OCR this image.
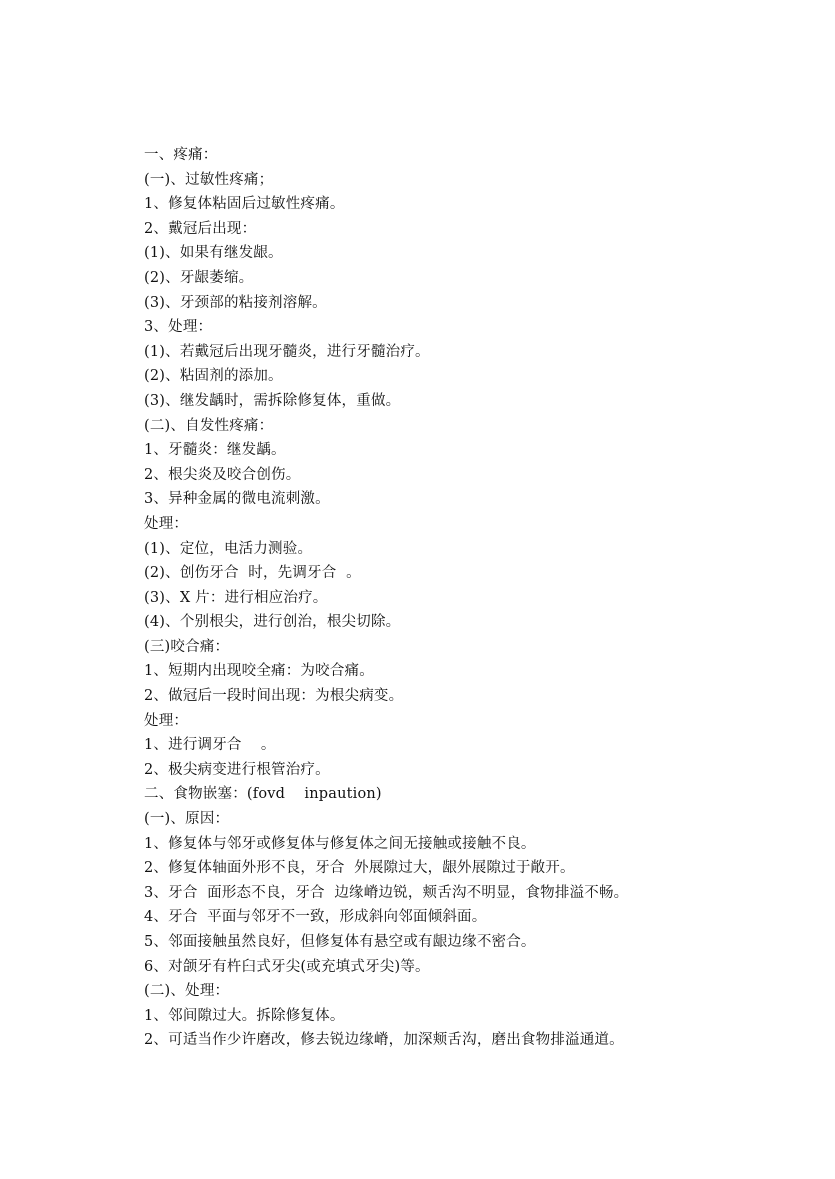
一、疼痛：
(一)、过敏性疼痛；
1、修复体粘固后过敏性疼痛。
2、戴冠后出现：
(1)、如果有继发龈。
(2)、牙龈萎缩。
(3)、牙颈部的粘接剂溶解。
3、处理：
(1)、若戴冠后出现牙髓炎，进行牙髓治疗。
(2)、粘固剂的添加。
(3)、继发龋时，需拆除修复体，重做。
(二)、自发性疼痛：
1、牙髓炎：继发龋。
2、根尖炎及咬合创伤。
3、异种金属的微电流刺激。
处理：
(1)、定位，电活力测验。
(2)、创伤牙合  时，先调牙合  。
(3)、X 片：进行相应治疗。
(4)、个别根尖，进行创治，根尖切除。
(三)咬合痛：
1、短期内出现咬全痛：为咬合痛。
2、做冠后一段时间出现：为根尖病变。
处理：
1、进行调牙合    。
2、极尖病变进行根管治疗。
二、食物嵌塞：(fovd    inpaution)
(一)、原因：
1、修复体与邻牙或修复体与修复体之间无接触或接触不良。
2、修复体轴面外形不良，牙合  外展隙过大，龈外展隙过于敞开。
3、牙合  面形态不良，牙合  边缘嵴边锐，颊舌沟不明显，食物排溢不畅。
4、牙合  平面与邻牙不一致，形成斜向邻面倾斜面。
5、邻面接触虽然良好，但修复体有悬空或有龈边缘不密合。
6、对颌牙有杵臼式牙尖(或充填式牙尖)等。
(二)、处理：
1、邻间隙过大。拆除修复体。
2、可适当作少许磨改，修去锐边缘嵴，加深颊舌沟，磨出食物排溢通道。
